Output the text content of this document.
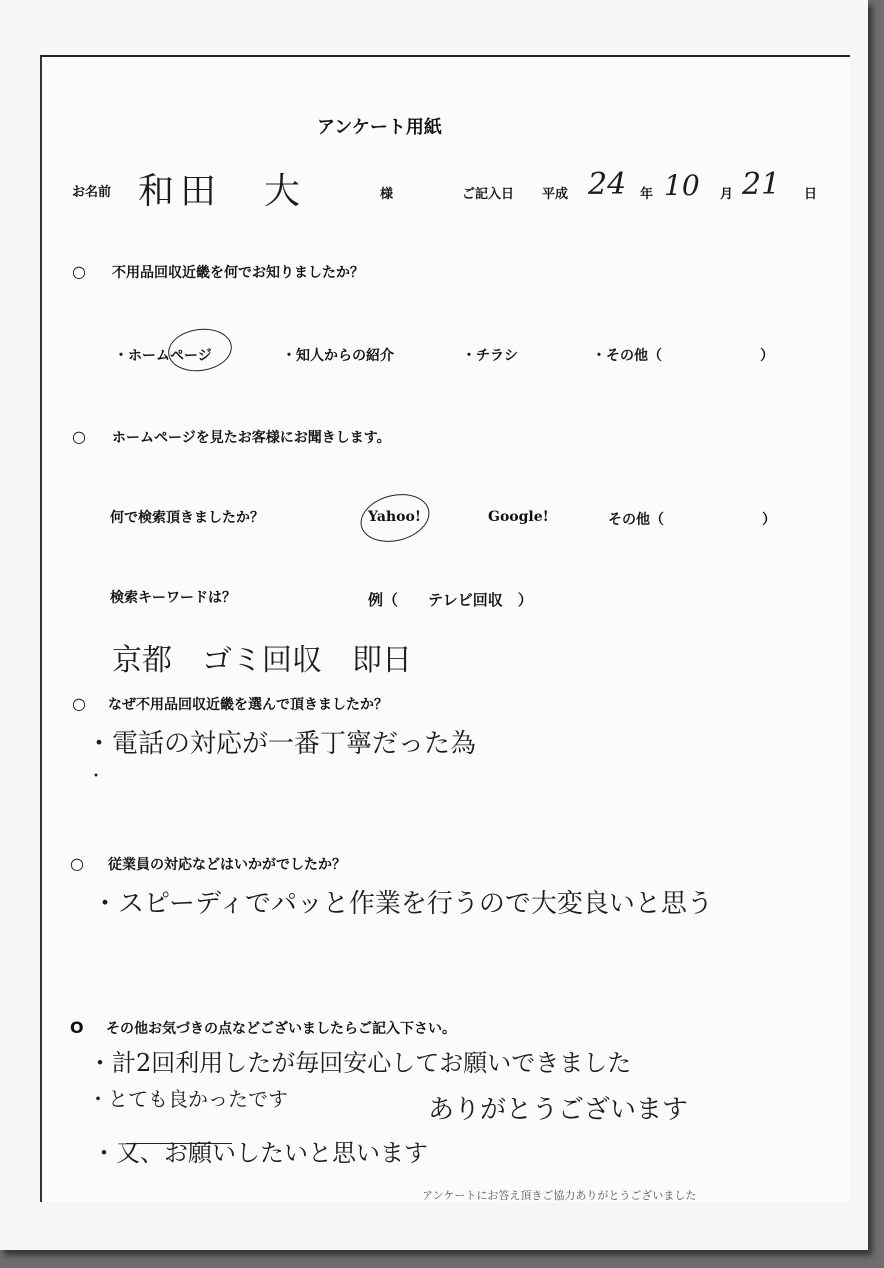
アンケート用紙
お名前 和田　大	様	ご記入日 平成 24 年 10 月 21 日
○ 不用品回収近畿を何でお知りましたか？
・ホームページ	・知人からの紹介	・チラシ	・その他（　　　　　　　）
○ ホームページを見たお客様にお聞きします。
何で検索頂きましたか？	Yahoo!	Google!	その他（　　　　　　　）
検索キーワードは？	例（　　テレビ回収　）
京都　ゴミ回収　即日
○ なぜ不用品回収近畿を選んで頂きましたか？
・電話の対応が一番丁寧だった為
・
○ 従業員の対応などはいかがでしたか？
・スピーディでパッと作業を行うので大変良いと思う
O その他お気づきの点などございましたらご記入下さい。
・計2回利用したが毎回安心してお願いできました
・とても良かったです	ありがとうございます
・又、お願いしたいと思います
アンケートにお答え頂きご協力ありがとうございました
